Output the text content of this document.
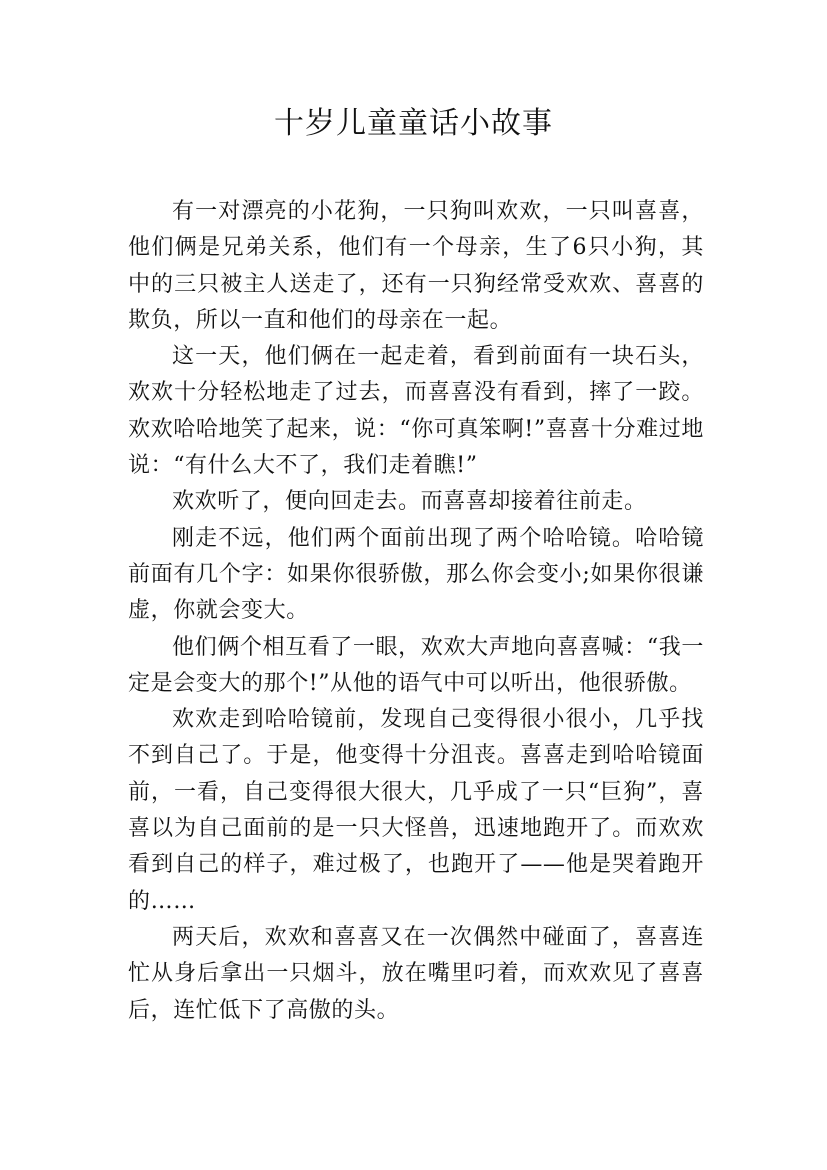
十岁儿童童话小故事

有一对漂亮的小花狗，一只狗叫欢欢，一只叫喜喜，他们俩是兄弟关系，他们有一个母亲，生了6只小狗，其中的三只被主人送走了，还有一只狗经常受欢欢、喜喜的欺负，所以一直和他们的母亲在一起。

这一天，他们俩在一起走着，看到前面有一块石头，欢欢十分轻松地走了过去，而喜喜没有看到，摔了一跤。欢欢哈哈地笑了起来，说：“你可真笨啊!”喜喜十分难过地说：“有什么大不了，我们走着瞧!”

欢欢听了，便向回走去。而喜喜却接着往前走。

刚走不远，他们两个面前出现了两个哈哈镜。哈哈镜前面有几个字：如果你很骄傲，那么你会变小;如果你很谦虚，你就会变大。

他们俩个相互看了一眼，欢欢大声地向喜喜喊：“我一定是会变大的那个!”从他的语气中可以听出，他很骄傲。

欢欢走到哈哈镜前，发现自己变得很小很小，几乎找不到自己了。于是，他变得十分沮丧。喜喜走到哈哈镜面前，一看，自己变得很大很大，几乎成了一只“巨狗”，喜喜以为自己面前的是一只大怪兽，迅速地跑开了。而欢欢看到自己的样子，难过极了，也跑开了——他是哭着跑开的……

两天后，欢欢和喜喜又在一次偶然中碰面了，喜喜连忙从身后拿出一只烟斗，放在嘴里叼着，而欢欢见了喜喜后，连忙低下了高傲的头。
